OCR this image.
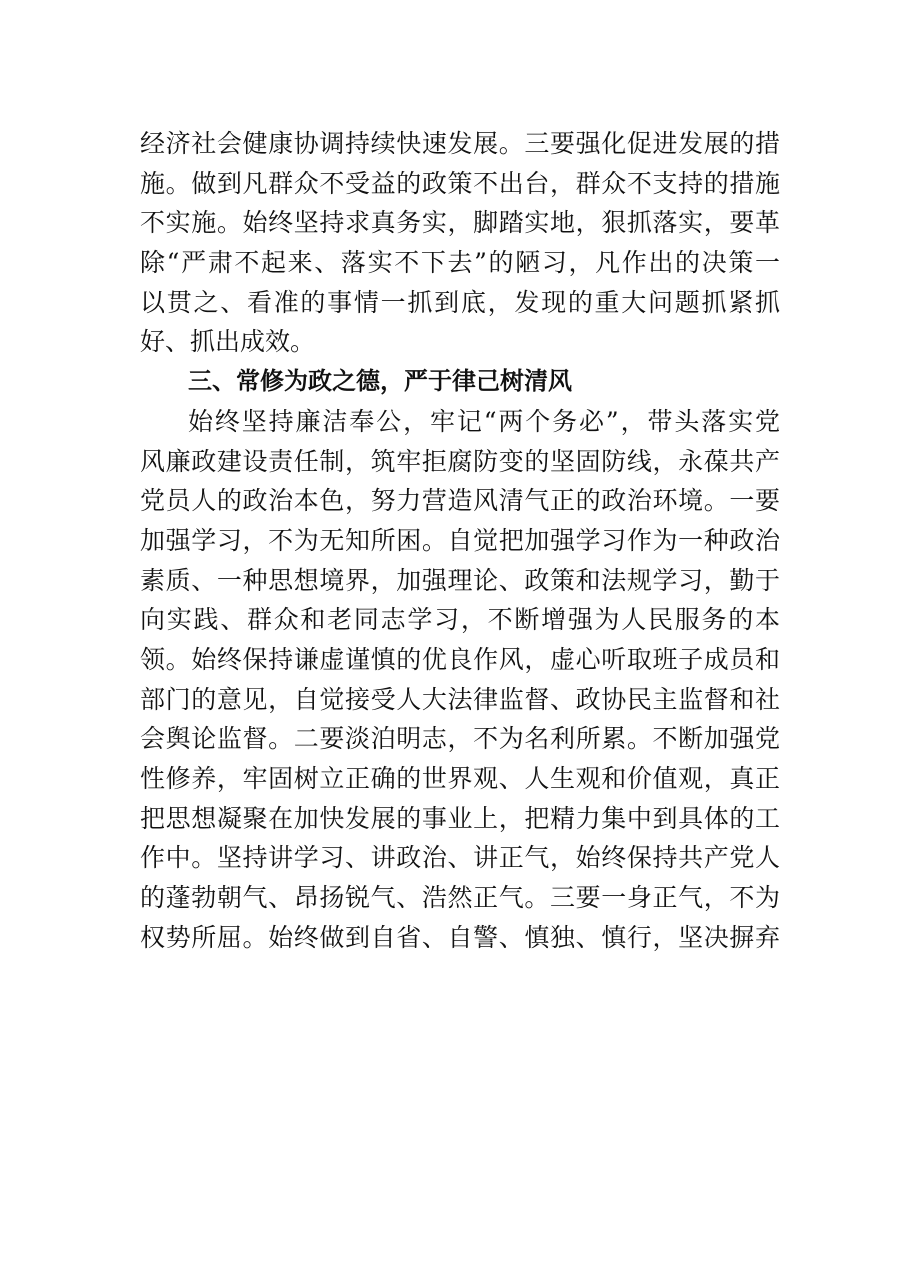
经济社会健康协调持续快速发展。三要强化促进发展的措
施。做到凡群众不受益的政策不出台，群众不支持的措施
不实施。始终坚持求真务实，脚踏实地，狠抓落实，要革
除“严肃不起来、落实不下去”的陋习，凡作出的决策一
以贯之、看准的事情一抓到底，发现的重大问题抓紧抓
好、抓出成效。
三、常修为政之德，严于律己树清风
始终坚持廉洁奉公，牢记“两个务必”，带头落实党
风廉政建设责任制，筑牢拒腐防变的坚固防线，永葆共产
党员人的政治本色，努力营造风清气正的政治环境。一要
加强学习，不为无知所困。自觉把加强学习作为一种政治
素质、一种思想境界，加强理论、政策和法规学习，勤于
向实践、群众和老同志学习，不断增强为人民服务的本
领。始终保持谦虚谨慎的优良作风，虚心听取班子成员和
部门的意见，自觉接受人大法律监督、政协民主监督和社
会舆论监督。二要淡泊明志，不为名利所累。不断加强党
性修养，牢固树立正确的世界观、人生观和价值观，真正
把思想凝聚在加快发展的事业上，把精力集中到具体的工
作中。坚持讲学习、讲政治、讲正气，始终保持共产党人
的蓬勃朝气、昂扬锐气、浩然正气。三要一身正气，不为
权势所屈。始终做到自省、自警、慎独、慎行，坚决摒弃
